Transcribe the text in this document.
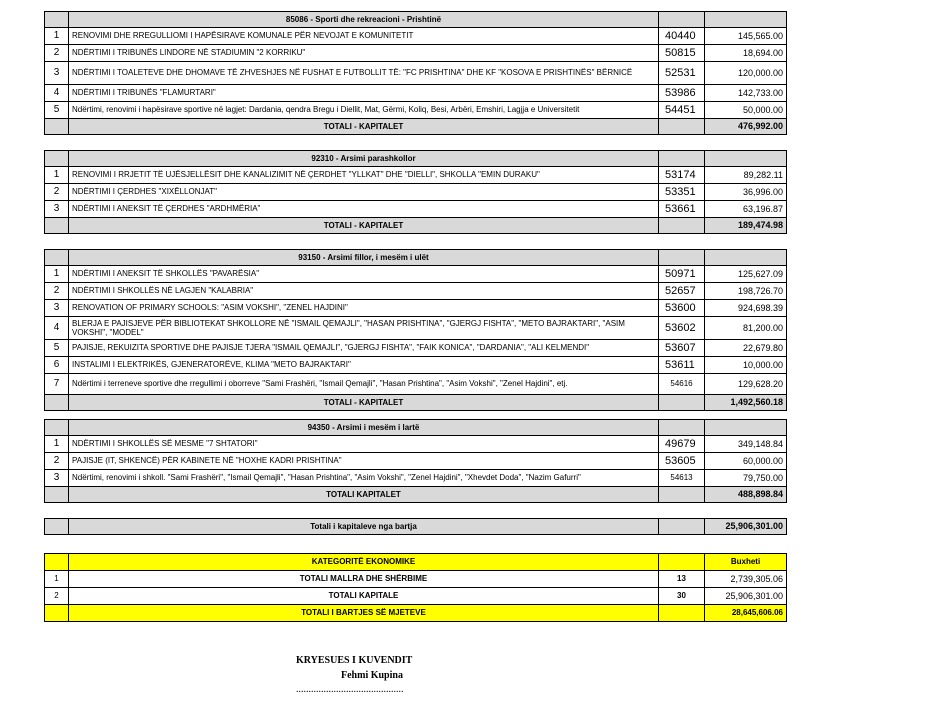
	85086 - Sporti dhe rekreacioni - Prishtinë		
1	RENOVIMI DHE RREGULLIOMI I HAPËSIRAVE KOMUNALE PËR NEVOJAT E KOMUNITETIT	40440	145,565.00
2	NDËRTIMI I TRIBUNËS LINDORE NË STADIUMIN "2 KORRIKU"	50815	18,694.00
3	NDËRTIMI I TOALETEVE DHE DHOMAVE TË ZHVESHJES NË FUSHAT E FUTBOLLIT TË: "FC PRISHTINA" DHE KF "KOSOVA E PRISHTINËS" BËRNICË	52531	120,000.00
4	NDËRTIMI I TRIBUNËS "FLAMURTARI"	53986	142,733.00
5	Ndërtimi, renovimi i hapësirave sportive në lagjet: Dardania, qendra Bregu i Diellit, Mat, Gërmi, Koliq, Besi, Arbëri, Emshiri, Lagjja e Universitetit	54451	50,000.00
	TOTALI - KAPITALET		476,992.00
	92310 - Arsimi parashkollor		
1	RENOVIMI I RRJETIT TË UJËSJELLËSIT DHE KANALIZIMIT NË ÇERDHET "YLLKAT" DHE "DIELLI", SHKOLLA "EMIN DURAKU"	53174	89,282.11
2	NDËRTIMI I ÇERDHES "XIXËLLONJAT"	53351	36,996.00
3	NDËRTIMI I ANEKSIT TË ÇERDHES "ARDHMËRIA"	53661	63,196.87
	TOTALI - KAPITALET		189,474.98
	93150 - Arsimi fillor, i mesëm i ulët		
1	NDËRTIMI I ANEKSIT TË SHKOLLËS "PAVARËSIA"	50971	125,627.09
2	NDËRTIMI I SHKOLLËS NË LAGJEN "KALABRIA"	52657	198,726.70
3	RENOVATION OF PRIMARY SCHOOLS: "ASIM VOKSHI", "ZENEL HAJDINI"	53600	924,698.39
4	BLERJA E PAJISJEVE PËR BIBLIOTEKAT SHKOLLORE NË "ISMAIL QEMAJLI", "HASAN PRISHTINA", "GJERGJ FISHTA", "METO BAJRAKTARI", "ASIM VOKSHI", "MODEL"	53602	81,200.00
5	PAJISJE, REKUIZITA SPORTIVE DHE PAJISJE TJERA "ISMAIL QEMAJLI", "GJERGJ FISHTA", "FAIK KONICA", "DARDANIA", "ALI KELMENDI"	53607	22,679.80
6	INSTALIMI I ELEKTRIKËS, GJENERATORËVE, KLIMA "METO BAJRAKTARI"	53611	10,000.00
7	Ndërtimi i terreneve sportive dhe rregullimi i oborreve "Sami Frashëri, "Ismail Qemajli", "Hasan Prishtina", "Asim Vokshi", "Zenel Hajdini", etj.	54616	129,628.20
	TOTALI - KAPITALET		1,492,560.18
	94350 - Arsimi i mesëm i lartë		
1	NDËRTIMI I SHKOLLËS SË MESME "7 SHTATORI"	49679	349,148.84
2	PAJISJE (IT, SHKENCË) PËR KABINETE NË "HOXHE KADRI PRISHTINA"	53605	60,000.00
3	Ndërtimi, renovimi i shkoll. "Sami Frashëri", "Ismail Qemajli", "Hasan Prishtina", "Asim Vokshi", "Zenel Hajdini", "Xhevdet Doda", "Nazim Gafurri"	54613	79,750.00
	TOTALI KAPITALET		488,898.84
	Totali i kapitaleve nga bartja		25,906,301.00
	KATEGORITË EKONOMIKE		Buxheti
1	TOTALI MALLRA DHE SHËRBIME	13	2,739,305.06
2	TOTALI KAPITALE	30	25,906,301.00
	TOTALI I BARTJES SË MJETEVE		28,645,606.06
KRYESUES I KUVENDIT
Fehmi Kupina
...........................................
